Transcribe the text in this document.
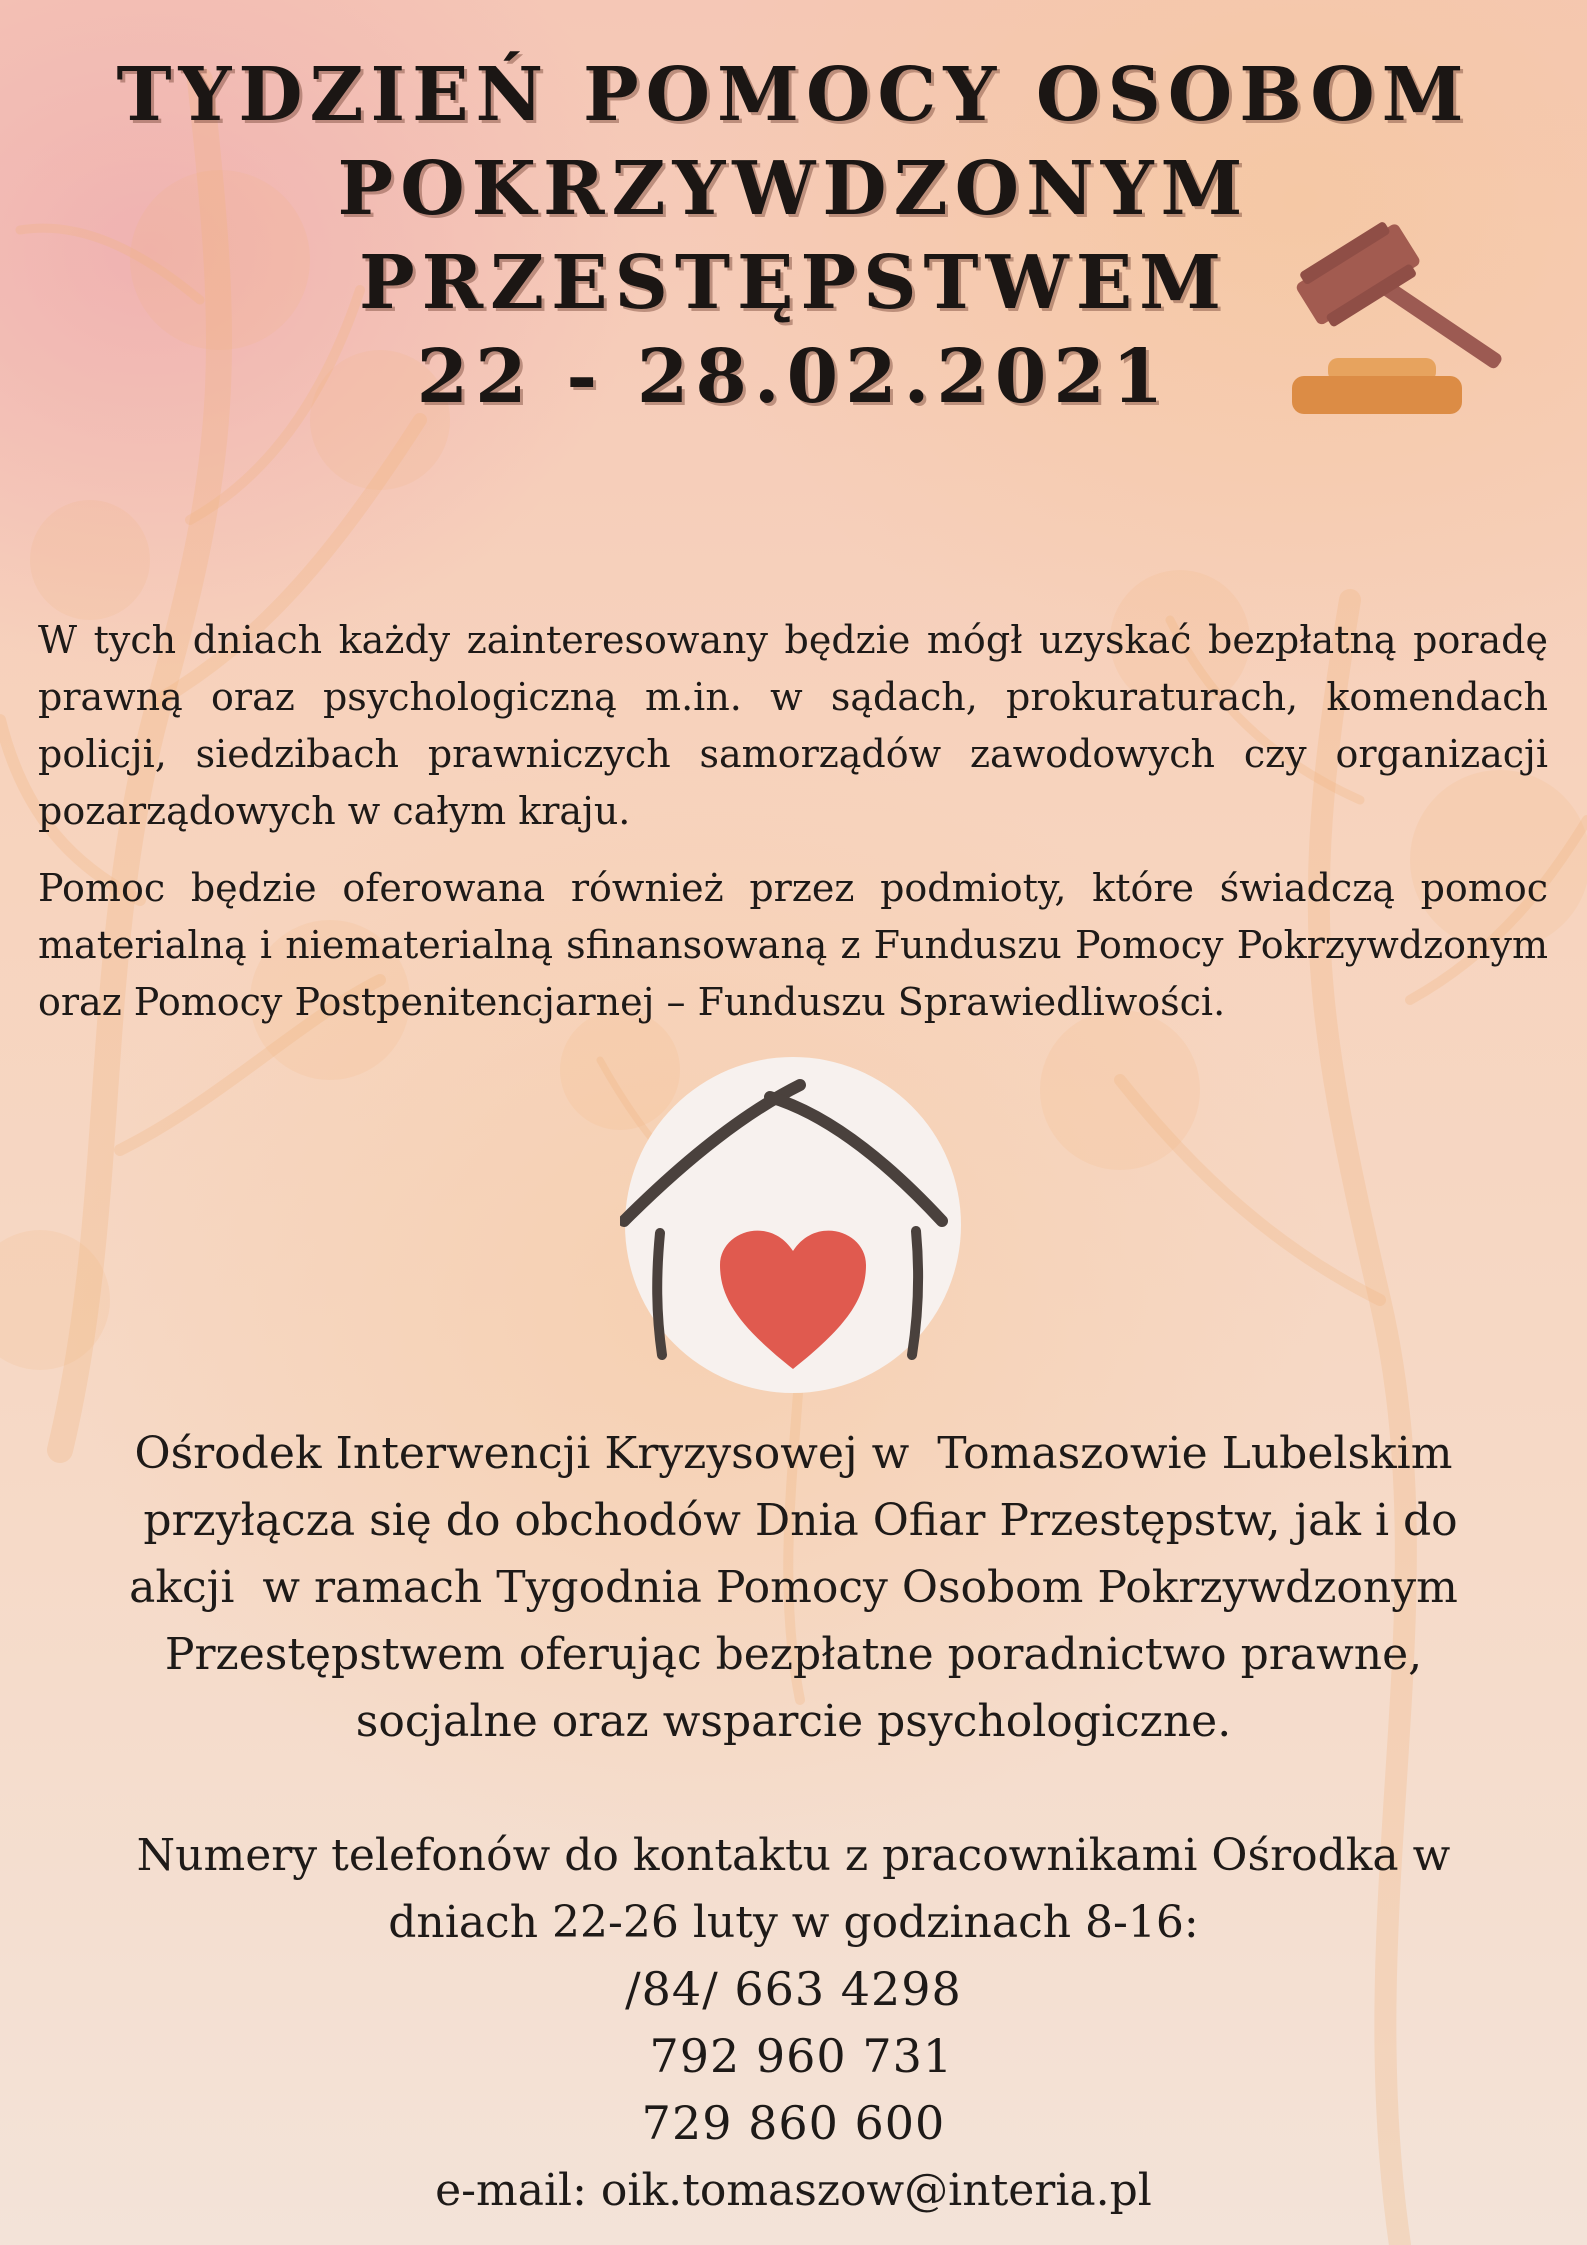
TYDZIEŃ POMOCY OSOBOM
POKRZYWDZONYM
PRZESTĘPSTWEM
22 - 28.02.2021

W tych dniach każdy zainteresowany będzie mógł uzyskać bezpłatną poradę prawną oraz psychologiczną m.in. w sądach, prokuraturach, komendach policji, siedzibach prawniczych samorządów zawodowych czy organizacji pozarządowych w całym kraju.

Pomoc będzie oferowana również przez podmioty, które świadczą pomoc materialną i niematerialną sfinansowaną z Funduszu Pomocy Pokrzywdzonym oraz Pomocy Postpenitencjarnej – Funduszu Sprawiedliwości.

Ośrodek Interwencji Kryzysowej w  Tomaszowie Lubelskim
przyłącza się do obchodów Dnia Ofiar Przestępstw, jak i do
akcji  w ramach Tygodnia Pomocy Osobom Pokrzywdzonym
Przestępstwem oferując bezpłatne poradnictwo prawne,
socjalne oraz wsparcie psychologiczne.
Numery telefonów do kontaktu z pracownikami Ośrodka w
dniach 22-26 luty w godzinach 8-16:
/84/ 663 4298
792 960 731
729 860 600
e-mail: oik.tomaszow@interia.pl
